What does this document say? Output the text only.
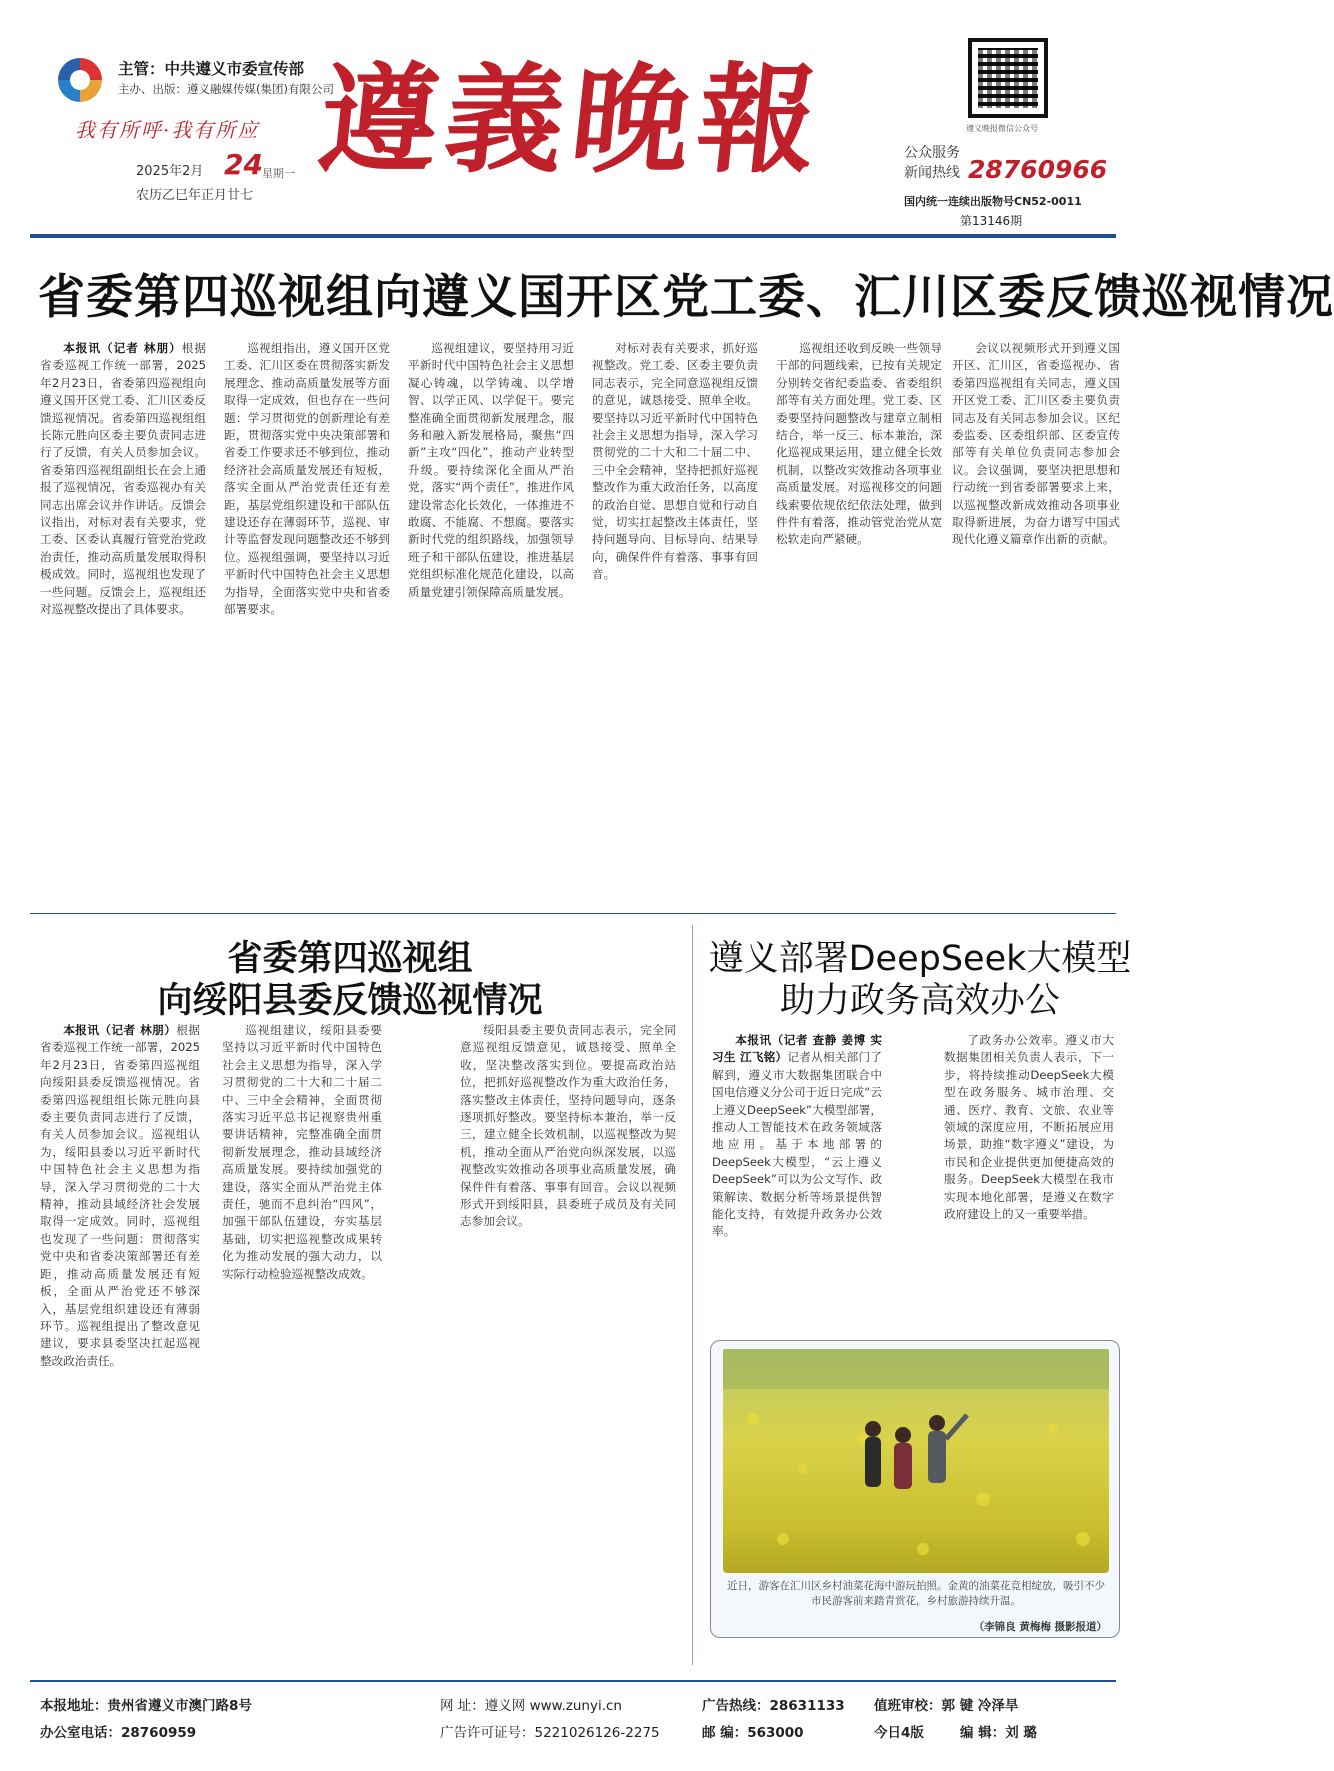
主管：中共遵义市委宣传部
主办、出版：遵义融媒传媒(集团)有限公司
我有所呼·我有所应
2025年2月 24 星期一
农历乙巳年正月廿七
遵義晚報	遵义晚报微信公众号
公众服务
新闻热线 28760966
国内统一连续出版物号CN52-0011
第13146期
省委第四巡视组向遵义国开区党工委、汇川区委反馈巡视情况

本报讯（记者 林朋）根据省委巡视工作统一部署，2025年2月23日，省委第四巡视组向遵义国开区党工委、汇川区委反馈巡视情况。省委第四巡视组组长陈元胜向区委主要负责同志进行了反馈，有关人员参加会议。省委第四巡视组副组长在会上通报了巡视情况，省委巡视办有关同志出席会议并作讲话。反馈会议指出，对标对表有关要求，党工委、区委认真履行管党治党政治责任，推动高质量发展取得积极成效。同时，巡视组也发现了一些问题。反馈会上，巡视组还对巡视整改提出了具体要求。

巡视组指出，遵义国开区党工委、汇川区委在贯彻落实新发展理念、推动高质量发展等方面取得一定成效，但也存在一些问题：学习贯彻党的创新理论有差距，贯彻落实党中央决策部署和省委工作要求还不够到位，推动经济社会高质量发展还有短板，落实全面从严治党责任还有差距，基层党组织建设和干部队伍建设还存在薄弱环节，巡视、审计等监督发现问题整改还不够到位。巡视组强调，要坚持以习近平新时代中国特色社会主义思想为指导，全面落实党中央和省委部署要求。

巡视组建议，要坚持用习近平新时代中国特色社会主义思想凝心铸魂，以学铸魂、以学增智、以学正风、以学促干。要完整准确全面贯彻新发展理念，服务和融入新发展格局，聚焦“四新”主攻“四化”，推动产业转型升级。要持续深化全面从严治党，落实“两个责任”，推进作风建设常态化长效化，一体推进不敢腐、不能腐、不想腐。要落实新时代党的组织路线，加强领导班子和干部队伍建设，推进基层党组织标准化规范化建设，以高质量党建引领保障高质量发展。

对标对表有关要求，抓好巡视整改。党工委、区委主要负责同志表示，完全同意巡视组反馈的意见，诚恳接受、照单全收。要坚持以习近平新时代中国特色社会主义思想为指导，深入学习贯彻党的二十大和二十届二中、三中全会精神，坚持把抓好巡视整改作为重大政治任务，以高度的政治自觉、思想自觉和行动自觉，切实扛起整改主体责任，坚持问题导向、目标导向、结果导向，确保件件有着落、事事有回音。

巡视组还收到反映一些领导干部的问题线索，已按有关规定分别转交省纪委监委、省委组织部等有关方面处理。党工委、区委要坚持问题整改与建章立制相结合，举一反三、标本兼治，深化巡视成果运用，建立健全长效机制，以整改实效推动各项事业高质量发展。对巡视移交的问题线索要依规依纪依法处理，做到件件有着落，推动管党治党从宽松软走向严紧硬。

会议以视频形式开到遵义国开区、汇川区，省委巡视办、省委第四巡视组有关同志，遵义国开区党工委、汇川区委主要负责同志及有关同志参加会议。区纪委监委、区委组织部、区委宣传部等有关单位负责同志参加会议。会议强调，要坚决把思想和行动统一到省委部署要求上来，以巡视整改新成效推动各项事业取得新进展，为奋力谱写中国式现代化遵义篇章作出新的贡献。

省委第四巡视组
向绥阳县委反馈巡视情况

本报讯（记者 林朋）根据省委巡视工作统一部署，2025年2月23日，省委第四巡视组向绥阳县委反馈巡视情况。省委第四巡视组组长陈元胜向县委主要负责同志进行了反馈，有关人员参加会议。巡视组认为，绥阳县委以习近平新时代中国特色社会主义思想为指导，深入学习贯彻党的二十大精神，推动县域经济社会发展取得一定成效。同时，巡视组也发现了一些问题：贯彻落实党中央和省委决策部署还有差距，推动高质量发展还有短板，全面从严治党还不够深入，基层党组织建设还有薄弱环节。巡视组提出了整改意见建议，要求县委坚决扛起巡视整改政治责任。

巡视组建议，绥阳县委要坚持以习近平新时代中国特色社会主义思想为指导，深入学习贯彻党的二十大和二十届二中、三中全会精神，全面贯彻落实习近平总书记视察贵州重要讲话精神，完整准确全面贯彻新发展理念，推动县域经济高质量发展。要持续加强党的建设，落实全面从严治党主体责任，驰而不息纠治“四风”，加强干部队伍建设，夯实基层基础，切实把巡视整改成果转化为推动发展的强大动力，以实际行动检验巡视整改成效。

绥阳县委主要负责同志表示，完全同意巡视组反馈意见，诚恳接受、照单全收，坚决整改落实到位。要提高政治站位，把抓好巡视整改作为重大政治任务，落实整改主体责任，坚持问题导向，逐条逐项抓好整改。要坚持标本兼治，举一反三，建立健全长效机制，以巡视整改为契机，推动全面从严治党向纵深发展，以巡视整改实效推动各项事业高质量发展，确保件件有着落、事事有回音。会议以视频形式开到绥阳县，县委班子成员及有关同志参加会议。

遵义部署DeepSeek大模型
助力政务高效办公

本报讯（记者 查静 姜博 实习生 江飞铭）记者从相关部门了解到，遵义市大数据集团联合中国电信遵义分公司于近日完成“云上遵义DeepSeek”大模型部署，推动人工智能技术在政务领域落地应用。基于本地部署的DeepSeek大模型，“云上遵义DeepSeek”可以为公文写作、政策解读、数据分析等场景提供智能化支持，有效提升政务办公效率。

了政务办公效率。遵义市大数据集团相关负责人表示，下一步，将持续推动DeepSeek大模型在政务服务、城市治理、交通、医疗、教育、文旅、农业等领域的深度应用，不断拓展应用场景，助推“数字遵义”建设，为市民和企业提供更加便捷高效的服务。DeepSeek大模型在我市实现本地化部署，是遵义在数字政府建设上的又一重要举措。

近日，游客在汇川区乡村油菜花海中游玩拍照。金黄的油菜花竞相绽放，吸引不少市民游客前来踏青赏花，乡村旅游持续升温。
（李锦良 黄梅梅 摄影报道）
本报地址：贵州省遵义市澳门路8号
办公室电话：28760959
网 址：遵义网 www.zunyi.cn
广告许可证号：5221026126-2275
广告热线：28631133
邮 编：563000
值班审校：郭 键 冷泽旱
今日4版	编 辑：刘 璐
